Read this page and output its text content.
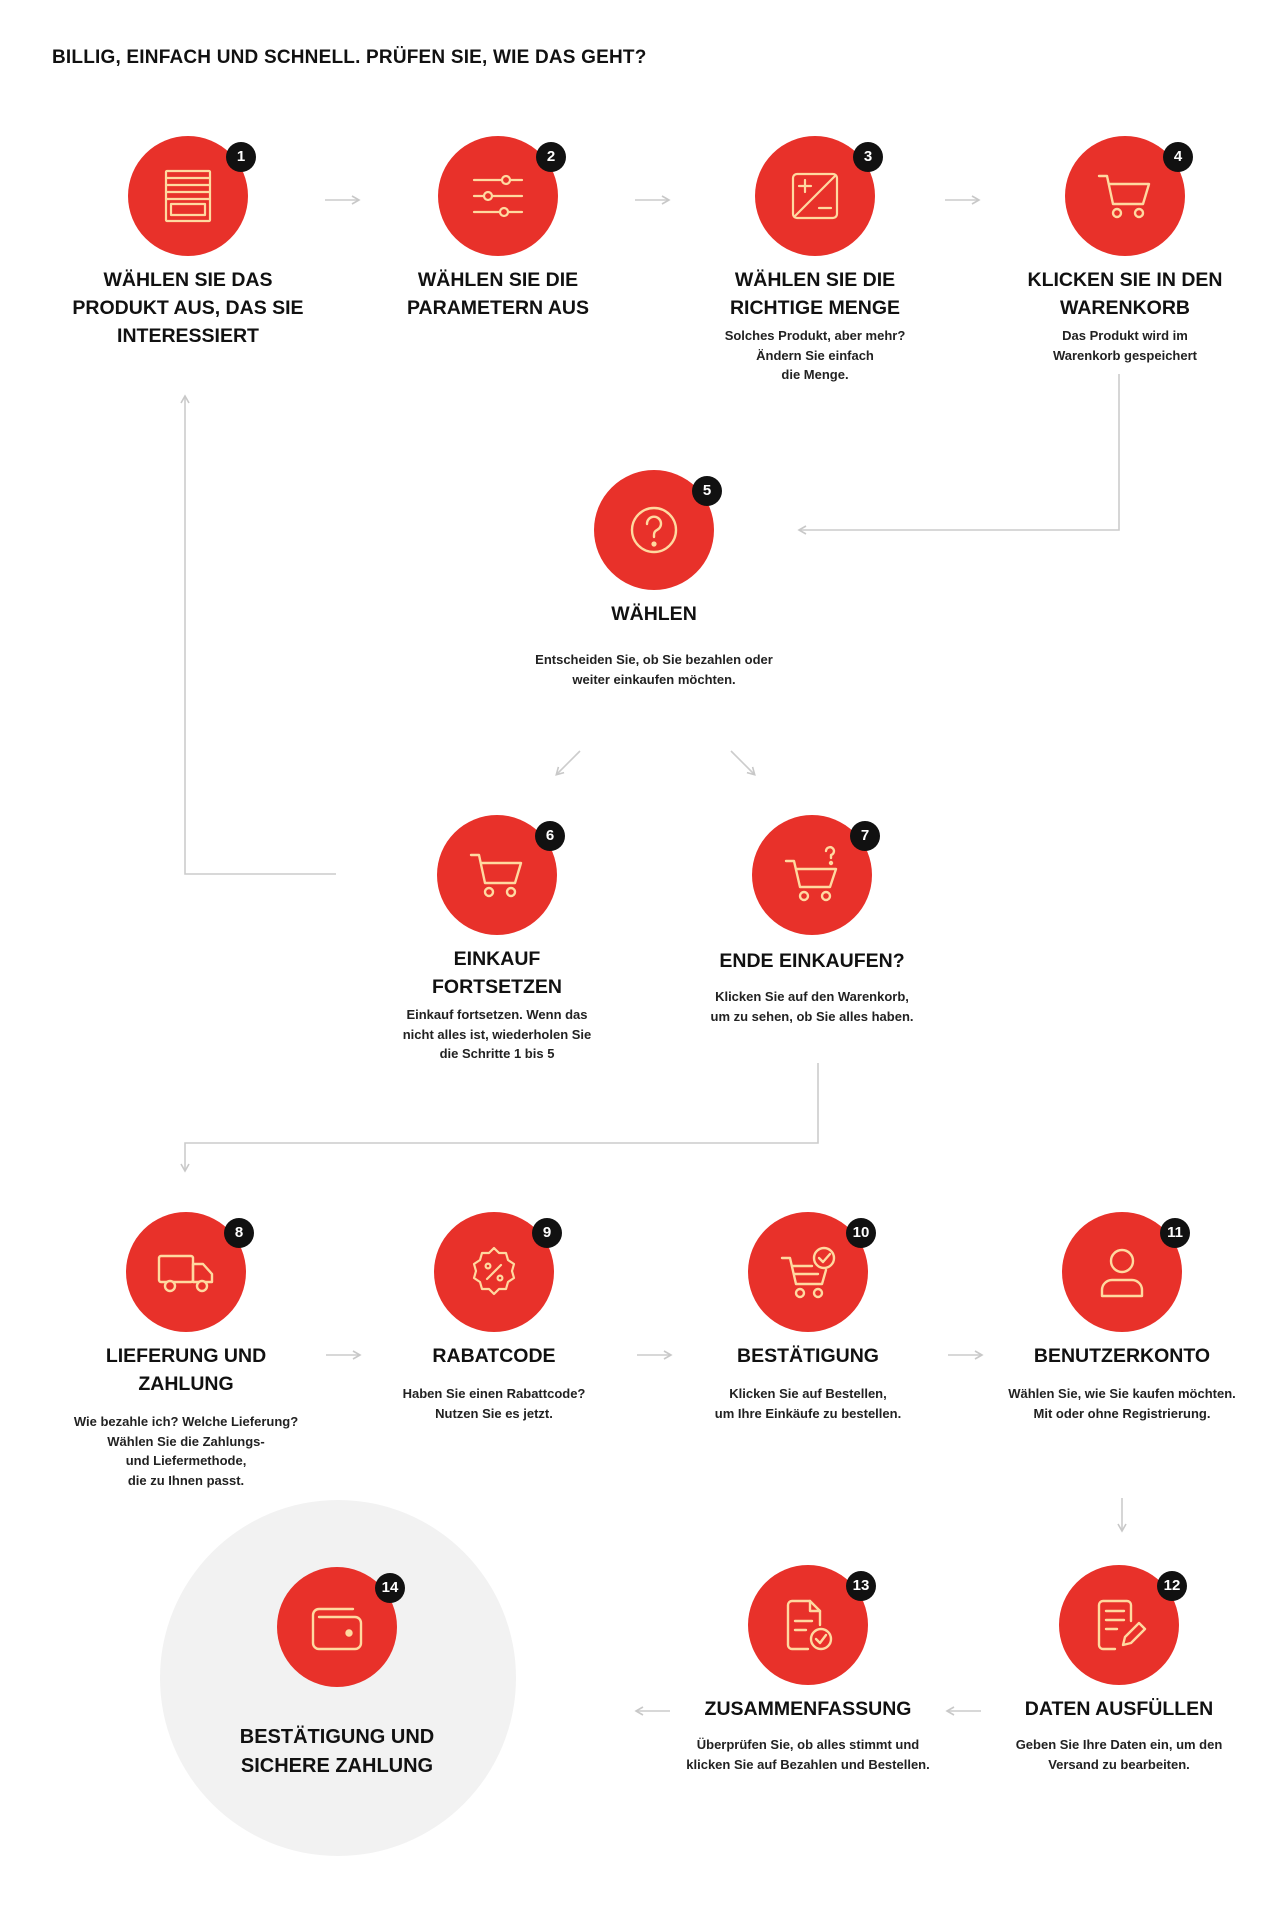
BILLIG, EINFACH UND SCHNELL. PRÜFEN SIE, WIE DAS GEHT?
1
WÄHLEN SIE DAS
PRODUKT AUS, DAS SIE
INTERESSIERT
2
WÄHLEN SIE DIE
PARAMETERN AUS
3
WÄHLEN SIE DIE
RICHTIGE MENGE
Solches Produkt, aber mehr?
Ändern Sie einfach
die Menge.
4
KLICKEN SIE IN DEN
WARENKORB
Das Produkt wird im
Warenkorb gespeichert
5
WÄHLEN
Entscheiden Sie, ob Sie bezahlen oder
weiter einkaufen möchten.
6
EINKAUF
FORTSETZEN
Einkauf fortsetzen. Wenn das
nicht alles ist, wiederholen Sie
die Schritte 1 bis 5
7
ENDE EINKAUFEN?
Klicken Sie auf den Warenkorb,
um zu sehen, ob Sie alles haben.
8
LIEFERUNG UND ZAHLUNG
Wie bezahle ich? Welche Lieferung?
Wählen Sie die Zahlungs-
und Liefermethode,
die zu Ihnen passt.
9
RABATCODE
Haben Sie einen Rabattcode?
Nutzen Sie es jetzt.
10
BESTÄTIGUNG
Klicken Sie auf Bestellen,
um Ihre Einkäufe zu bestellen.
11
BENUTZERKONTO
Wählen Sie, wie Sie kaufen möchten.
Mit oder ohne Registrierung.
12
DATEN AUSFÜLLEN
Geben Sie Ihre Daten ein, um den
Versand zu bearbeiten.
13
ZUSAMMENFASSUNG
Überprüfen Sie, ob alles stimmt und
klicken Sie auf Bezahlen und Bestellen.
14
BESTÄTIGUNG UND
SICHERE ZAHLUNG
